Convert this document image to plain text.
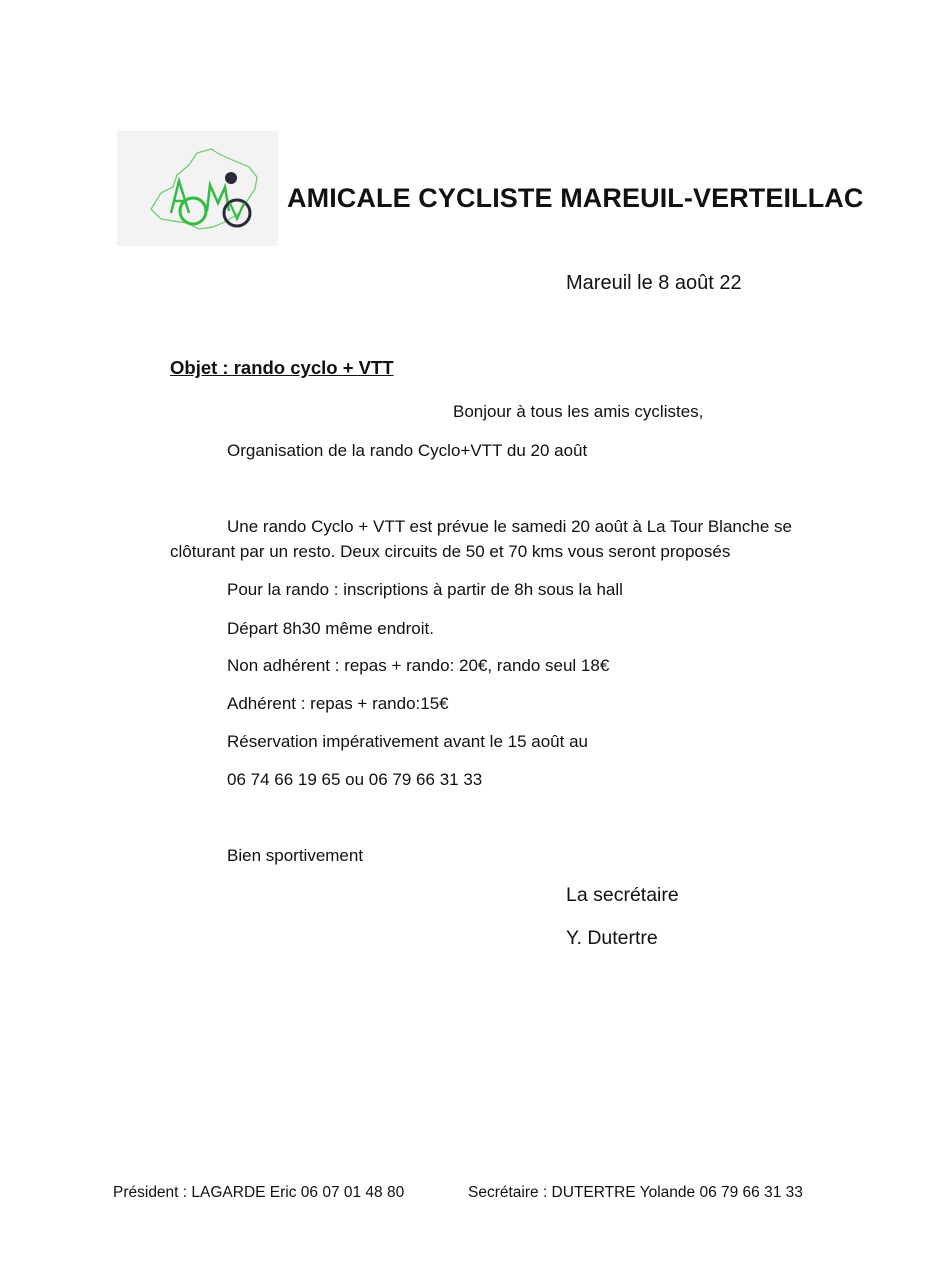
AMICALE CYCLISTE MAREUIL-VERTEILLAC
Mareuil le 8 août 22
Objet : rando cyclo + VTT
Bonjour à tous les amis cyclistes,
Organisation de la rando Cyclo+VTT du 20 août
Une rando Cyclo + VTT est prévue le samedi 20 août à La Tour Blanche se
clôturant par un resto. Deux circuits de 50 et 70 kms vous seront proposés
Pour la rando : inscriptions à partir de 8h sous la hall
Départ 8h30 même endroit.
Non adhérent : repas + rando: 20€, rando seul 18€
Adhérent : repas + rando:15€
Réservation impérativement avant le 15 août au
06 74 66 19 65 ou 06 79 66 31 33
Bien sportivement
La secrétaire
Y. Dutertre
Président : LAGARDE Eric 06 07 01 48 80	Secrétaire : DUTERTRE Yolande 06 79 66 31 33
